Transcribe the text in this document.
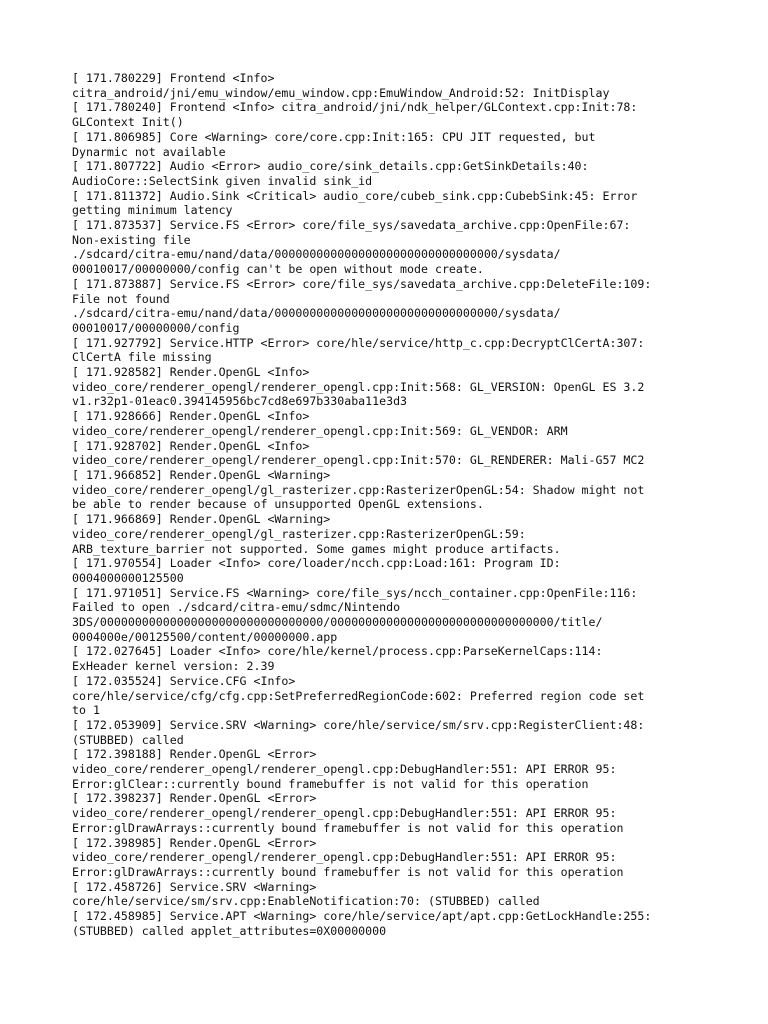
[ 171.780229] Frontend <Info>
citra_android/jni/emu_window/emu_window.cpp:EmuWindow_Android:52: InitDisplay
[ 171.780240] Frontend <Info> citra_android/jni/ndk_helper/GLContext.cpp:Init:78:
GLContext Init()
[ 171.806985] Core <Warning> core/core.cpp:Init:165: CPU JIT requested, but
Dynarmic not available
[ 171.807722] Audio <Error> audio_core/sink_details.cpp:GetSinkDetails:40:
AudioCore::SelectSink given invalid sink_id
[ 171.811372] Audio.Sink <Critical> audio_core/cubeb_sink.cpp:CubebSink:45: Error
getting minimum latency
[ 171.873537] Service.FS <Error> core/file_sys/savedata_archive.cpp:OpenFile:67:
Non-existing file
./sdcard/citra-emu/nand/data/00000000000000000000000000000000/sysdata/
00010017/00000000/config can't be open without mode create.
[ 171.873887] Service.FS <Error> core/file_sys/savedata_archive.cpp:DeleteFile:109:
File not found
./sdcard/citra-emu/nand/data/00000000000000000000000000000000/sysdata/
00010017/00000000/config
[ 171.927792] Service.HTTP <Error> core/hle/service/http_c.cpp:DecryptClCertA:307:
ClCertA file missing
[ 171.928582] Render.OpenGL <Info>
video_core/renderer_opengl/renderer_opengl.cpp:Init:568: GL_VERSION: OpenGL ES 3.2
v1.r32p1-01eac0.394145956bc7cd8e697b330aba11e3d3
[ 171.928666] Render.OpenGL <Info>
video_core/renderer_opengl/renderer_opengl.cpp:Init:569: GL_VENDOR: ARM
[ 171.928702] Render.OpenGL <Info>
video_core/renderer_opengl/renderer_opengl.cpp:Init:570: GL_RENDERER: Mali-G57 MC2
[ 171.966852] Render.OpenGL <Warning>
video_core/renderer_opengl/gl_rasterizer.cpp:RasterizerOpenGL:54: Shadow might not
be able to render because of unsupported OpenGL extensions.
[ 171.966869] Render.OpenGL <Warning>
video_core/renderer_opengl/gl_rasterizer.cpp:RasterizerOpenGL:59:
ARB_texture_barrier not supported. Some games might produce artifacts.
[ 171.970554] Loader <Info> core/loader/ncch.cpp:Load:161: Program ID:
0004000000125500
[ 171.971051] Service.FS <Warning> core/file_sys/ncch_container.cpp:OpenFile:116:
Failed to open ./sdcard/citra-emu/sdmc/Nintendo
3DS/00000000000000000000000000000000/00000000000000000000000000000000/title/
0004000e/00125500/content/00000000.app
[ 172.027645] Loader <Info> core/hle/kernel/process.cpp:ParseKernelCaps:114:
ExHeader kernel version: 2.39
[ 172.035524] Service.CFG <Info>
core/hle/service/cfg/cfg.cpp:SetPreferredRegionCode:602: Preferred region code set
to 1
[ 172.053909] Service.SRV <Warning> core/hle/service/sm/srv.cpp:RegisterClient:48:
(STUBBED) called
[ 172.398188] Render.OpenGL <Error>
video_core/renderer_opengl/renderer_opengl.cpp:DebugHandler:551: API ERROR 95:
Error:glClear::currently bound framebuffer is not valid for this operation
[ 172.398237] Render.OpenGL <Error>
video_core/renderer_opengl/renderer_opengl.cpp:DebugHandler:551: API ERROR 95:
Error:glDrawArrays::currently bound framebuffer is not valid for this operation
[ 172.398985] Render.OpenGL <Error>
video_core/renderer_opengl/renderer_opengl.cpp:DebugHandler:551: API ERROR 95:
Error:glDrawArrays::currently bound framebuffer is not valid for this operation
[ 172.458726] Service.SRV <Warning>
core/hle/service/sm/srv.cpp:EnableNotification:70: (STUBBED) called
[ 172.458985] Service.APT <Warning> core/hle/service/apt/apt.cpp:GetLockHandle:255:
(STUBBED) called applet_attributes=0X00000000
